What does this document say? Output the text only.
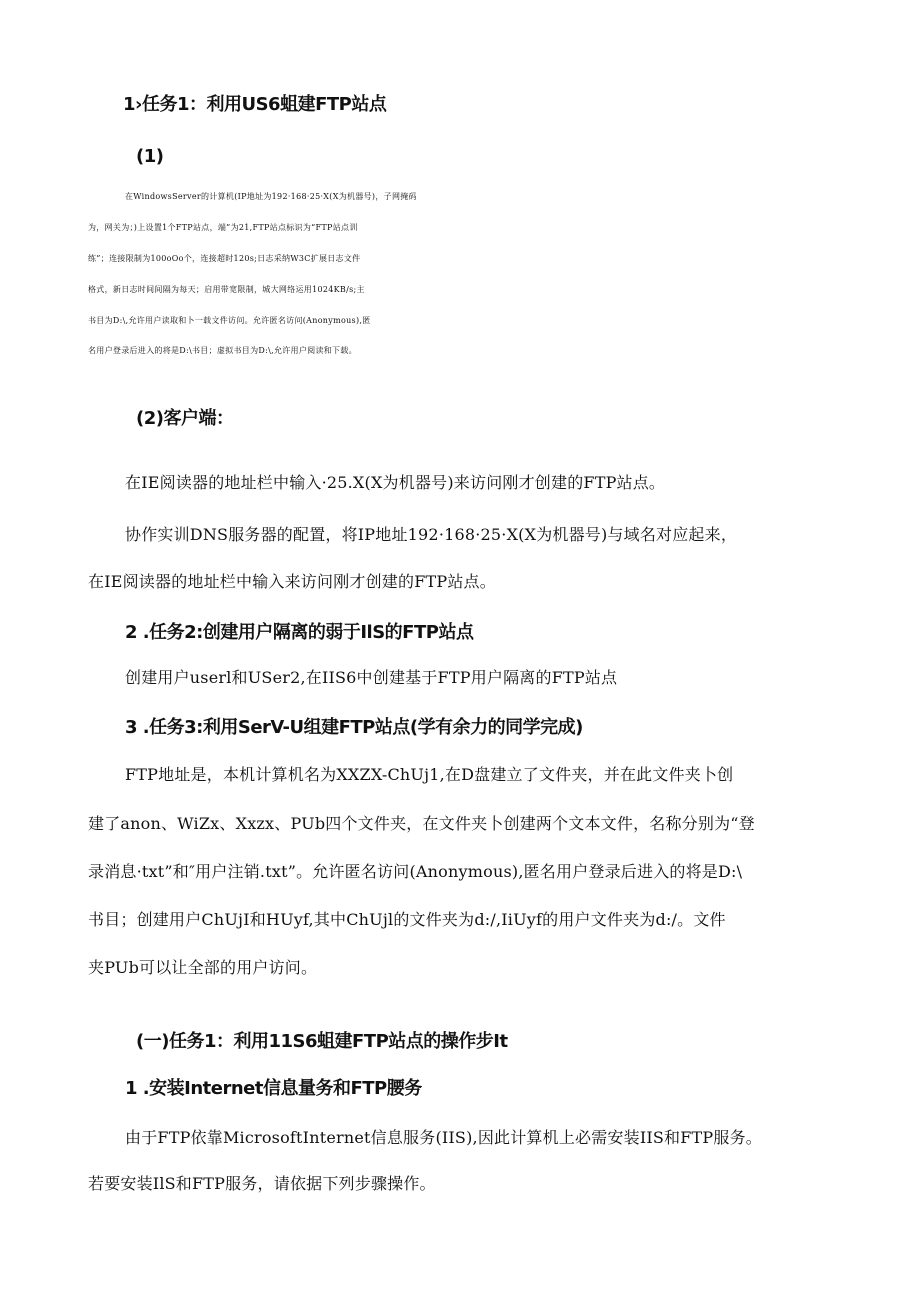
1›任务1：利用US6蛆建FTP站点
(1)
在WindowsServer的计算机(IP地址为192·168·25·X(X为机器号)，子网掩码
为，网关为；)上设置1个FTP站点，端”为21,FTP站点标识为“FTP站点训
练”；连接限制为100oOo个，连接超时120s;日志采纳W3C扩展日志文件
格式，新日志时间间隔为每天；启用带宽限制，城大网络运用1024KB/s;主
书目为D:\,允许用户读取和卜一载文件访问。允许匿名访问(Anonymous),匿
名用户登录后进入的将是D:\书目；虚拟书目为D:\,允许用户阅读和下载。
(2)客户端：
在IE阅读器的地址栏中输入·25.X(X为机器号)来访问刚才创建的FTP站点。
协作实训DNS服务器的配置，将IP地址192·168·25·X(X为机器号)与域名对应起来，
在IE阅读器的地址栏中输入来访问刚才创建的FTP站点。
2 .任务2:创建用户隔离的弱于IlS的FTP站点
创建用户userl和USer2,在IIS6中创建基于FTP用户隔离的FTP站点
3 .任务3:利用SerV-U组建FTP站点(学有余力的同学完成)
FTP地址是，本机计算机名为XXZX-ChUj1,在D盘建立了文件夹，并在此文件夹卜创
建了anon、WiZx、Xxzx、PUb四个文件夹，在文件夹卜创建两个文本文件，名称分别为“登
录消息·txt”和″用户注销.txt”。允许匿名访问(Anonymous),匿名用户登录后进入的将是D:\
书目；创建用户ChUjI和HUyf,其中ChUjl的文件夹为d:/,IiUyf的用户文件夹为d:/。文件
夹PUb可以让全部的用户访问。
(一)任务1：利用11S6蛆建FTP站点的操作步It
1 .安装Internet信息量务和FTP腰务
由于FTP依靠MicrosoftInternet信息服务(IIS),因此计算机上必需安装IIS和FTP服务。
若要安装IlS和FTP服务，请依据下列步骤操作。
